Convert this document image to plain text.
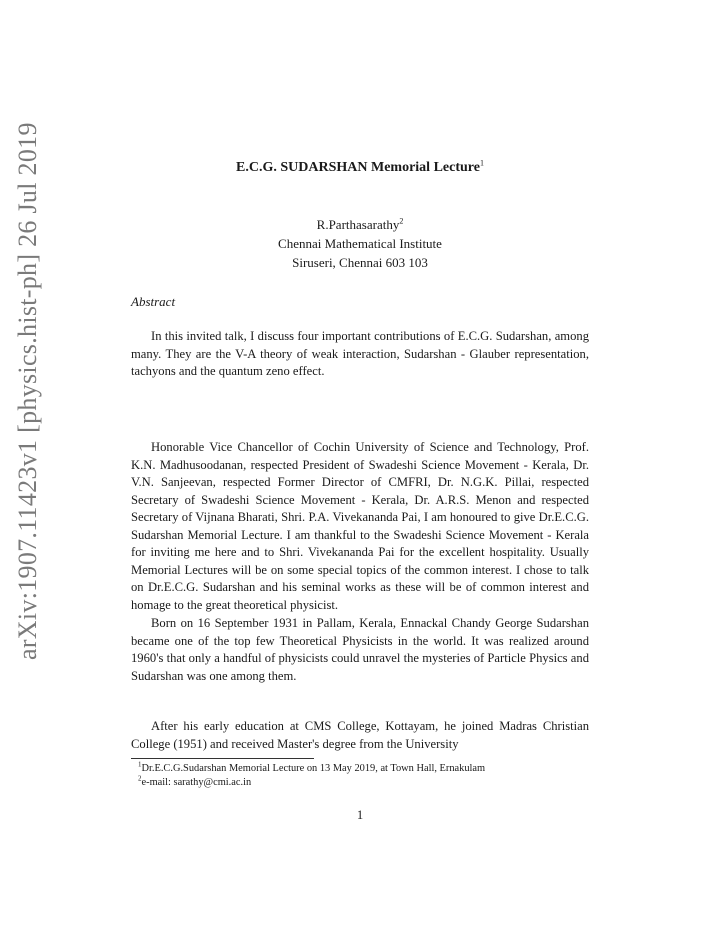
arXiv:1907.11423v1 [physics.hist-ph] 26 Jul 2019	E.C.G. SUDARSHAN Memorial Lecture$^1$
R.Parthasarathy$^2$
Chennai Mathematical Institute
Siruseri, Chennai 603 103
Abstract
In this invited talk, I discuss four important contributions of E.C.G. Sudarshan, among many. They are the V-A theory of weak interaction, Sudarshan - Glauber representation, tachyons and the quantum zeno effect.
Honorable Vice Chancellor of Cochin University of Science and Technology, Prof. K.N. Madhusoodanan, respected President of Swadeshi Science Movement - Kerala, Dr. V.N. Sanjeevan, respected Former Director of CMFRI, Dr. N.G.K. Pillai, respected Secretary of Swadeshi Science Movement - Kerala, Dr. A.R.S. Menon and respected Secretary of Vijnana Bharati, Shri. P.A. Vivekananda Pai, I am honoured to give Dr.E.C.G. Sudarshan Memorial Lecture. I am thankful to the Swadeshi Science Movement - Kerala for inviting me here and to Shri. Vivekananda Pai for the excellent hospitality. Usually Memorial Lectures will be on some special topics of the common interest. I chose to talk on Dr.E.C.G. Sudarshan and his seminal works as these will be of common interest and homage to the great theoretical physicist.
Born on 16 September 1931 in Pallam, Kerala, Ennackal Chandy George Sudarshan became one of the top few Theoretical Physicists in the world. It was realized around 1960's that only a handful of physicists could unravel the mysteries of Particle Physics and Sudarshan was one among them.
After his early education at CMS College, Kottayam, he joined Madras Christian College (1951) and received Master's degree from the University
$^1$Dr.E.C.G.Sudarshan Memorial Lecture on 13 May 2019, at Town Hall, Ernakulam
$^2$e-mail: sarathy@cmi.ac.in
1
